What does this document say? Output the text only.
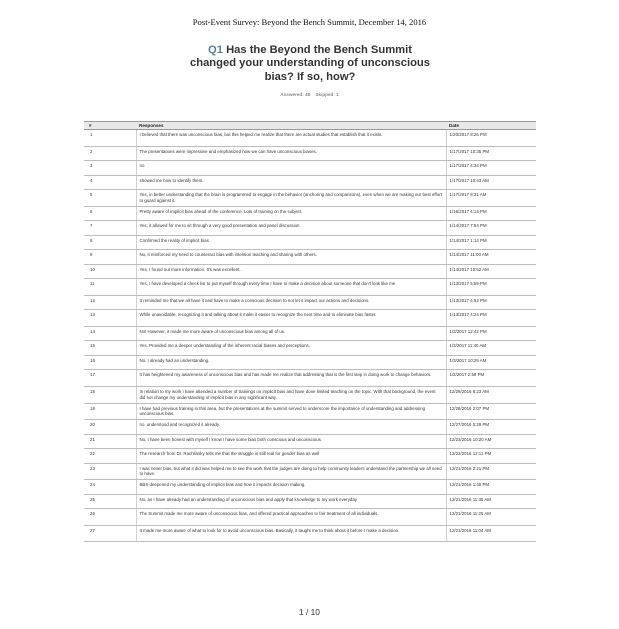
Post-Event Survey: Beyond the Bench Summit, December 14, 2016
Q1 Has the Beyond the Bench Summit changed your understanding of unconscious bias? If so, how?
Answered: 48 Skipped: 1
#	Responses	Date
1	I believed that there was unconscious bias, but this helped me realize that there are actual studies that establish that it exists.	1/20/2017 8:26 PM
2	The presentations were impressive and emphasized how we can have unconscious biases.	1/17/2017 10:35 PM
3	no	1/17/2017 4:34 PM
4	showed me how to identify them.	1/17/2017 10:43 AM
5	Yes, in better understanding that the brain is programmed to engage in the behavior (anchoring and comparisons), even when we are making our best effort to guard against it.	1/17/2017 8:31 AM
6	Pretty aware of implicit bias ahead of the conference. Lots of training on the subject.	1/16/2017 4:14 PM
7	Yes, it allowed for me to sit through a very good presentation and panel discussion.	1/14/2017 7:54 PM
8	Confirmed the reality of implicit bias	1/14/2017 1:14 PM
9	No, it reinforced my need to counteract bias with intention teaching and sharing with others.	1/14/2017 11:00 AM
10	Yes, I found out more information. It's was excellent.	1/14/2017 10:52 AM
11	Yes, I have developed a check list to put myself through every time I have to make a decision about someone that don't look like me	1/13/2017 5:59 PM
12	It reminded me that we all have it and have to make a conscious decision to not let it impact our actions and decisions.	1/13/2017 4:52 PM
13	While unavoidable, recognizing it and talking about it make it easier to recognize the next time and to eliminate bias faster.	1/13/2017 4:24 PM
14	No! However, it made me more aware of unconscious bias among all of us.	1/3/2017 12:42 PM
15	Yes. Provided me a deeper understanding of the inherent racial biases and perceptions.	1/3/2017 11:40 AM
16	No. I already had an understanding.	1/3/2017 10:25 AM
17	It has heightened my awareness of unconscious bias and has made me realize that addressing that is the first step in doing work to change behaviors.	1/2/2017 2:59 PM
18	In relation to my work I have attended a number of trainings on implicit bias and have done limited teaching on the topic. With that background, the event did not change my understanding of implicit bias in any significant way.	12/29/2016 8:23 AM
19	I have had previous training in this area, but the presentations at the summit served to underscore the importance of understanding and addressing unconscious bias.	12/28/2016 2:07 PM
20	no. understood and recognized it already.	12/27/2016 5:29 PM
21	No, I have been honest with myself I know I have some bias both conscious and unconscious	12/23/2016 10:20 AM
22	The research from Dr. Rachlinsky tells me that the struggle is still real for gender bias as well	12/22/2016 12:11 PM
23	I was never bias, but what it did was helped me to see the work that the judges are doing to help community leaders understand the partnership we all need to have.	12/21/2016 2:21 PM
24	BBS deepened my understanding of implicit bias and how it impacts decision making.	12/21/2016 1:40 PM
25	No, as I have already had an understanding of unconscious bias and apply that knowledge to my work everyday	12/21/2016 11:35 AM
26	The Summit made me more aware of unconscious bias, and offered practical approaches to fair treatment of all individuals.	12/21/2016 11:25 AM
27	It made me more aware of what to look for to avoid unconscious bias. Basically, it taught me to think about it before I make a decision.	12/21/2016 11:04 AM
1 / 10
